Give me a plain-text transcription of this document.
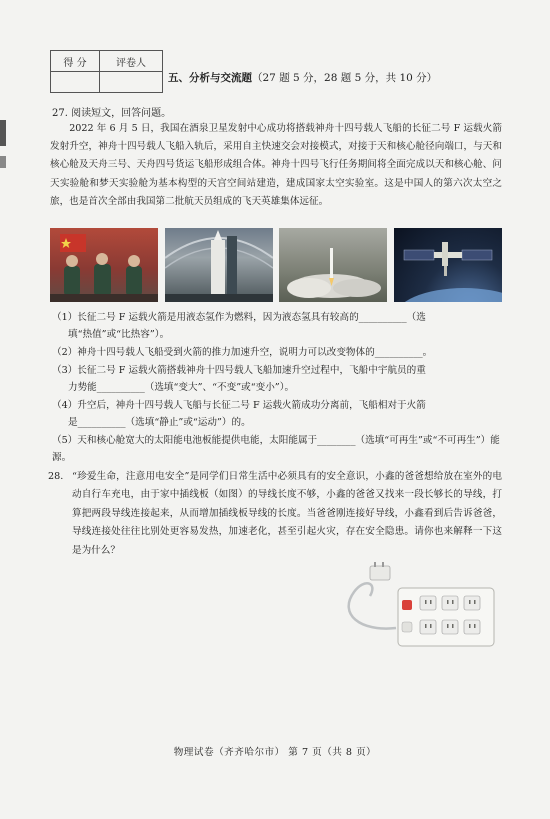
得 分	评卷人

五、分析与交流题（27 题 5 分，28 题 5 分，共 10 分）
27. 阅读短文，回答问题。
2022 年 6 月 5 日，我国在酒泉卫星发射中心成功将搭载神舟十四号载人飞船的长征二号 F 运载火箭发射升空，神舟十四号载人飞船入轨后，采用自主快速交会对接模式，对接于天和核心舱径向端口，与天和核心舱及天舟三号、天舟四号货运飞船形成组合体。神舟十四号飞行任务期间将全面完成以天和核心舱、问天实验舱和梦天实验舱为基本构型的天宫空间站建造，建成国家太空实验室。这是中国人的第六次太空之旅，也是首次全部由我国第二批航天员组成的飞天英雄集体远征。
（1）长征二号 F 运载火箭是用液态氢作为燃料，因为液态氢具有较高的__________（选
填“热值”或“比热容”）。
（2）神舟十四号载人飞船受到火箭的推力加速升空，说明力可以改变物体的__________。
（3）长征二号 F 运载火箭搭载神舟十四号载人飞船加速升空过程中，飞船中宇航员的重
力势能__________（选填“变大”、“不变”或“变小”）。
（4）升空后，神舟十四号载人飞船与长征二号 F 运载火箭成功分离前，飞船相对于火箭
是__________（选填“静止”或“运动”）的。
（5）天和核心舱宽大的太阳能电池板能提供电能，太阳能属于________（选填“可再生”或“不可再生”）能源。
28. “珍爱生命，注意用电安全”是同学们日常生活中必须具有的安全意识，小鑫的爸爸想给放在室外的电动自行车充电，由于家中插线板（如图）的导线长度不够，小鑫的爸爸又找来一段长够长的导线，打算把两段导线连接起来，从而增加插线板导线的长度。当爸爸刚连接好导线，小鑫看到后告诉爸爸，导线连接处往往比别处更容易发热，加速老化，甚至引起火灾，存在安全隐患。请你也来解释一下这是为什么？
物理试卷（齐齐哈尔市） 第 7 页（共 8 页）
